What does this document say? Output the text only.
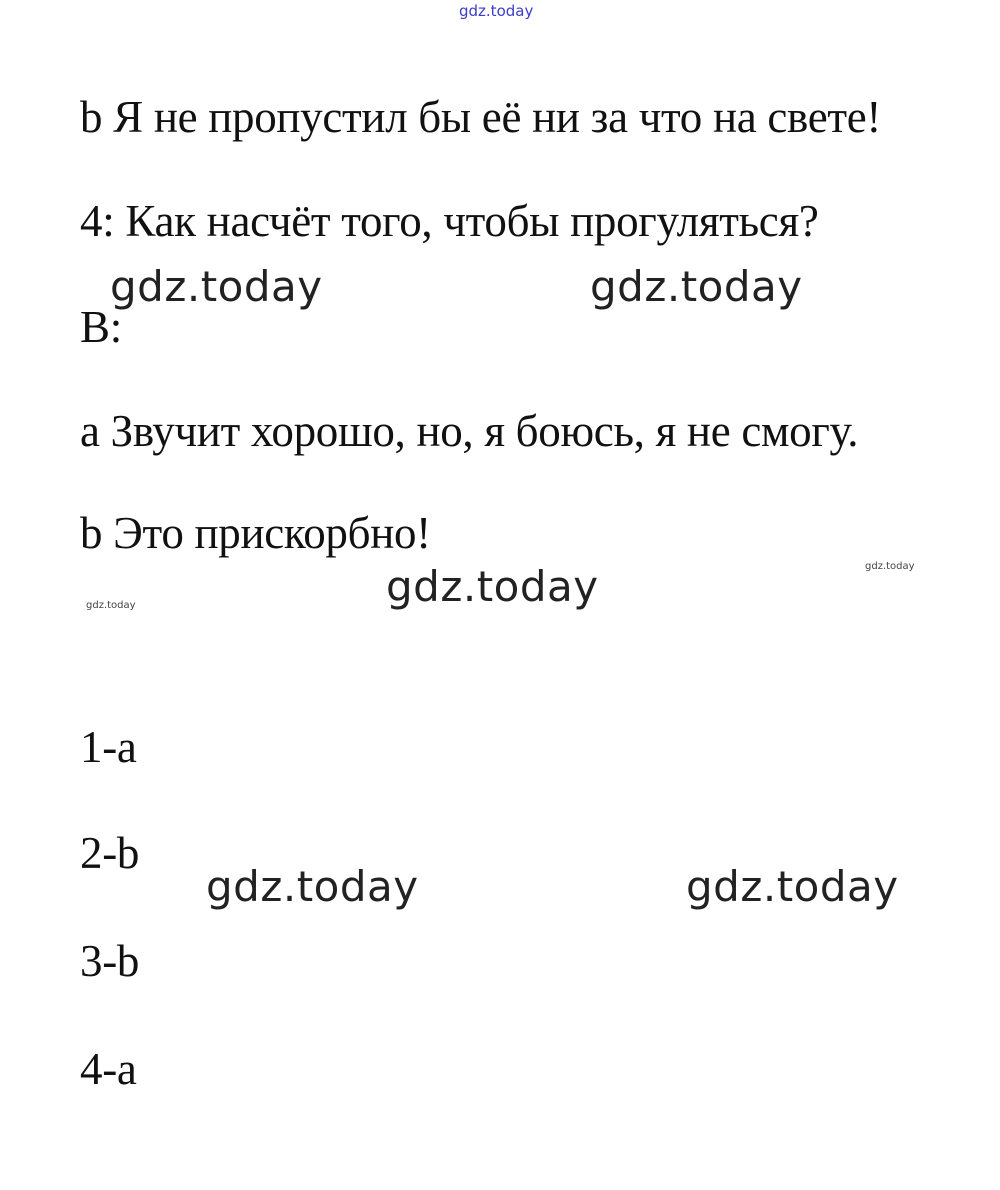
gdz.today

b Я не пропустил бы её ни за что на свете!

4: Как насчёт того, чтобы прогуляться?

gdz.today	gdz.today

B:

a Звучит хорошо, но, я боюсь, я не смогу.

b Это прискорбно!

gdz.today	gdz.today
gdz.today

1-a

2-b

gdz.today	gdz.today

3-b

4-a
